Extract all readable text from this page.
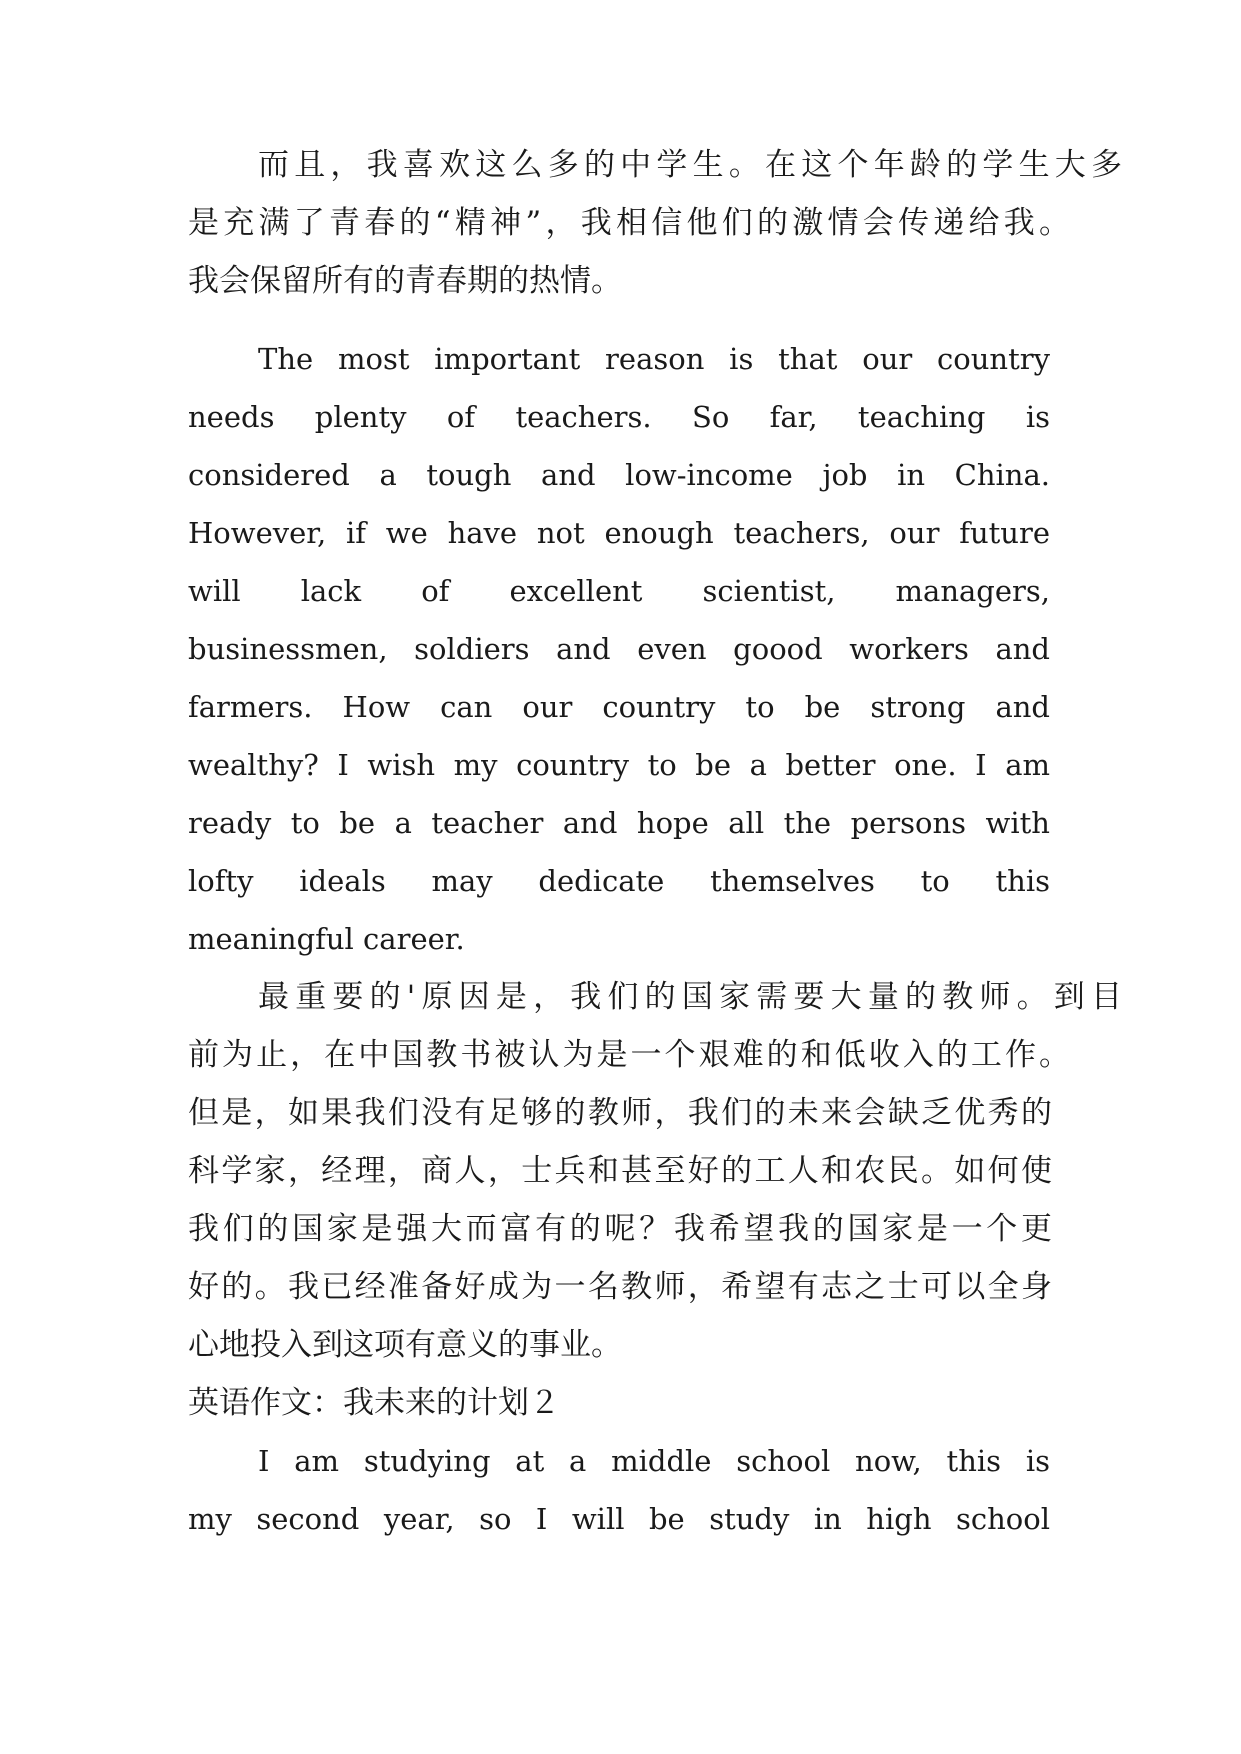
而且，我喜欢这么多的中学生。在这个年龄的学生大多
是充满了青春的“精神”，我相信他们的激情会传递给我。
我会保留所有的青春期的热情。
The most important reason is that our country
needs plenty of teachers. So far, teaching is
considered a tough and low-income job in China.
However, if we have not enough teachers, our future
will lack of excellent scientist, managers,
businessmen, soldiers and even goood workers and
farmers. How can our country to be strong and
wealthy? I wish my country to be a better one. I am
ready to be a teacher and hope all the persons with
lofty ideals may dedicate themselves to this
meaningful career.
最重要的'原因是，我们的国家需要大量的教师。到目
前为止，在中国教书被认为是一个艰难的和低收入的工作。
但是，如果我们没有足够的教师，我们的未来会缺乏优秀的
科学家，经理，商人，士兵和甚至好的工人和农民。如何使
我们的国家是强大而富有的呢？我希望我的国家是一个更
好的。我已经准备好成为一名教师，希望有志之士可以全身
心地投入到这项有意义的事业。
英语作文：我未来的计划２
I am studying at a middle school now, this is
my second year, so I will be study in high school
